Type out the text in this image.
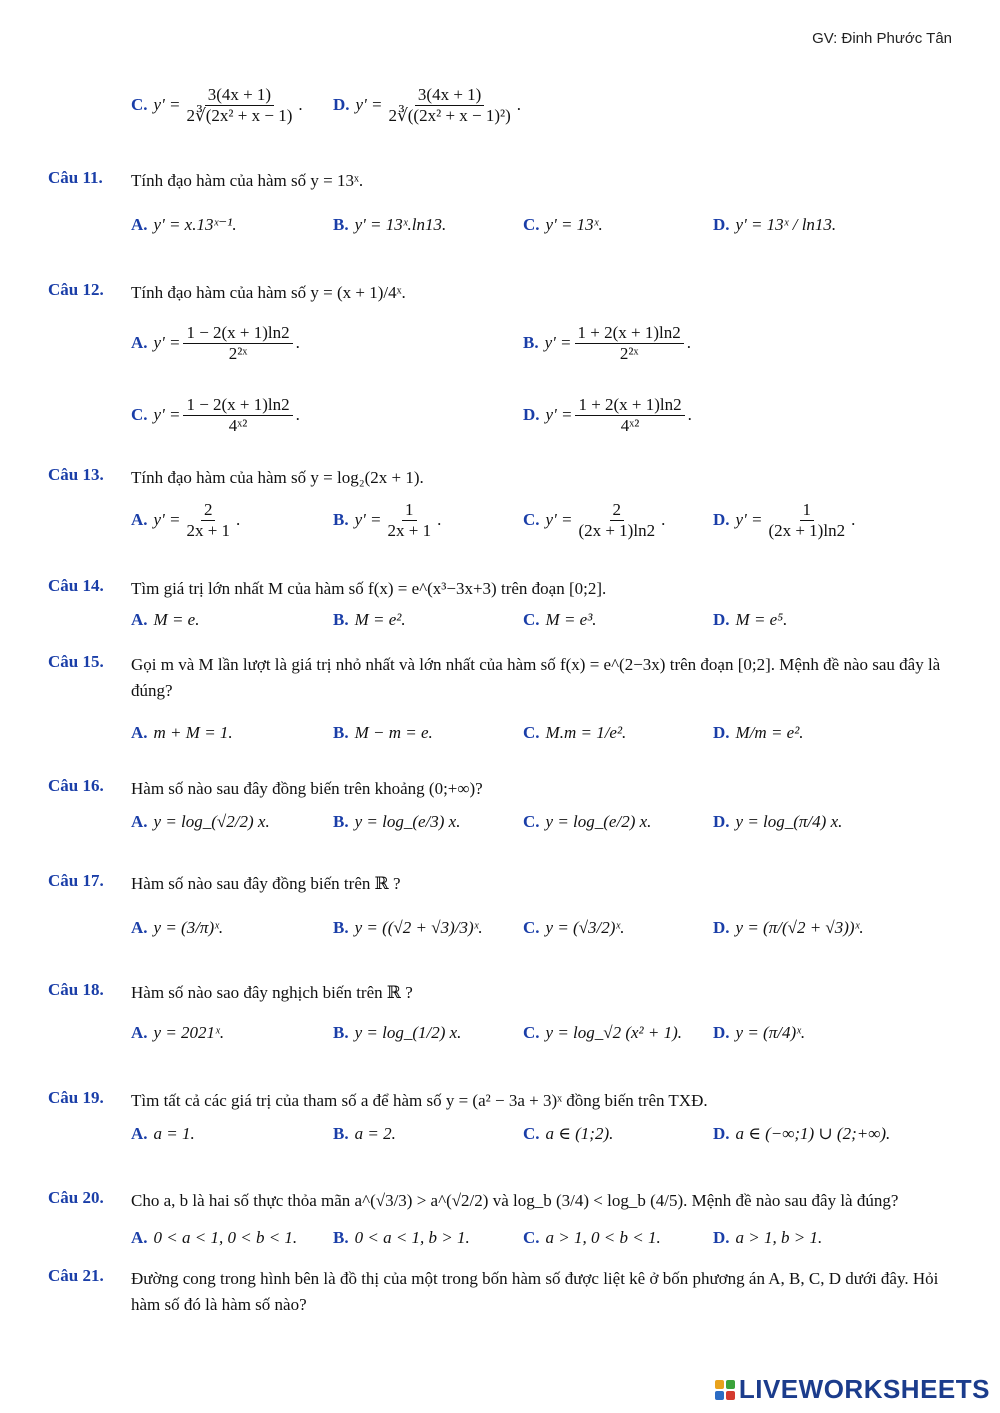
GV: Đinh Phước Tân
C. $y' = \frac{3(4x + 1)}{\text{2∛(2x² + x − 1)}}$ . D. $y' = \frac{3(4x + 1)}{\text{2∛((2x² + x − 1)²)}}$ .
Câu 11. Tính đạo hàm của hàm số y = 13ˣ.
A. y' = x.13ˣ⁻¹.	B. y' = 13ˣ.ln13.	C. y' = 13ˣ.	D. y' = 13ˣ / ln13.
Câu 12. Tính đạo hàm của hàm số y = (x + 1)/4ˣ.
A. $y' = \frac{1 - 2(x + 1)\ln 2}{\text{2²ˣ}}$ .	B. $y' = \frac{1 + 2(x + 1)\ln 2}{\text{2²ˣ}}$ .
C. $y' = \frac{1 - 2(x + 1)\ln 2}{\text{4ˣ²}}$ .	D. $y' = \frac{1 + 2(x + 1)\ln 2}{\text{4ˣ²}}$ .
Câu 13. Tính đạo hàm của hàm số y = log₂(2x + 1).
A. $y' = \frac{2}{2x + 1}$ .	B. $y' = \frac{1}{2x + 1}$ .	C. $y' = \frac{2}{(2x + 1)\ln 2}$ .	D. $y' = \frac{1}{(2x + 1)\ln 2}$ .
Câu 14. Tìm giá trị lớn nhất M của hàm số f(x) = e^(x³−3x+3) trên đoạn [0;2].
A. M = e.	B. M = e².	C. M = e³.	D. M = e⁵.
Câu 15. Gọi m và M lần lượt là giá trị nhỏ nhất và lớn nhất của hàm số f(x) = e^(2−3x) trên đoạn [0;2]. Mệnh đề nào sau đây là đúng?
A. m + M = 1.	B. M − m = e.	C. M.m = 1/e².	D. M/m = e².
Câu 16. Hàm số nào sau đây đồng biến trên khoảng (0;+∞)?
A. y = log_(√2/2) x.	B. y = log_(e/3) x.	C. y = log_(e/2) x.	D. y = log_(π/4) x.
Câu 17. Hàm số nào sau đây đồng biến trên ℝ ?
A. y = (3/π)ˣ.	B. y = ((√2 + √3)/3)ˣ. C. y = (√3/2)ˣ.	D. y = (π/(√2 + √3))ˣ.
Câu 18. Hàm số nào sao đây nghịch biến trên ℝ ?
A. y = 2021ˣ.	B. y = log_(1/2) x.	C. y = log_√2 (x² + 1). D. y = (π/4)ˣ.
Câu 19. Tìm tất cả các giá trị của tham số a để hàm số y = (a² − 3a + 3)ˣ đồng biến trên TXĐ.
A. a = 1.	B. a = 2.	C. a ∈ (1;2).	D. a ∈ (−∞;1) ∪ (2;+∞).
Câu 20. Cho a, b là hai số thực thỏa mãn a^(√3/3) > a^(√2/2) và log_b (3/4) < log_b (4/5). Mệnh đề nào sau đây là đúng?
A. 0 < a < 1, 0 < b < 1. B. 0 < a < 1, b > 1.	C. a > 1, 0 < b < 1.	D. a > 1, b > 1.
Câu 21. Đường cong trong hình bên là đồ thị của một trong bốn hàm số được liệt kê ở bốn phương án A, B, C, D dưới đây. Hỏi hàm số đó là hàm số nào?
LIVEWORKSHEETS
